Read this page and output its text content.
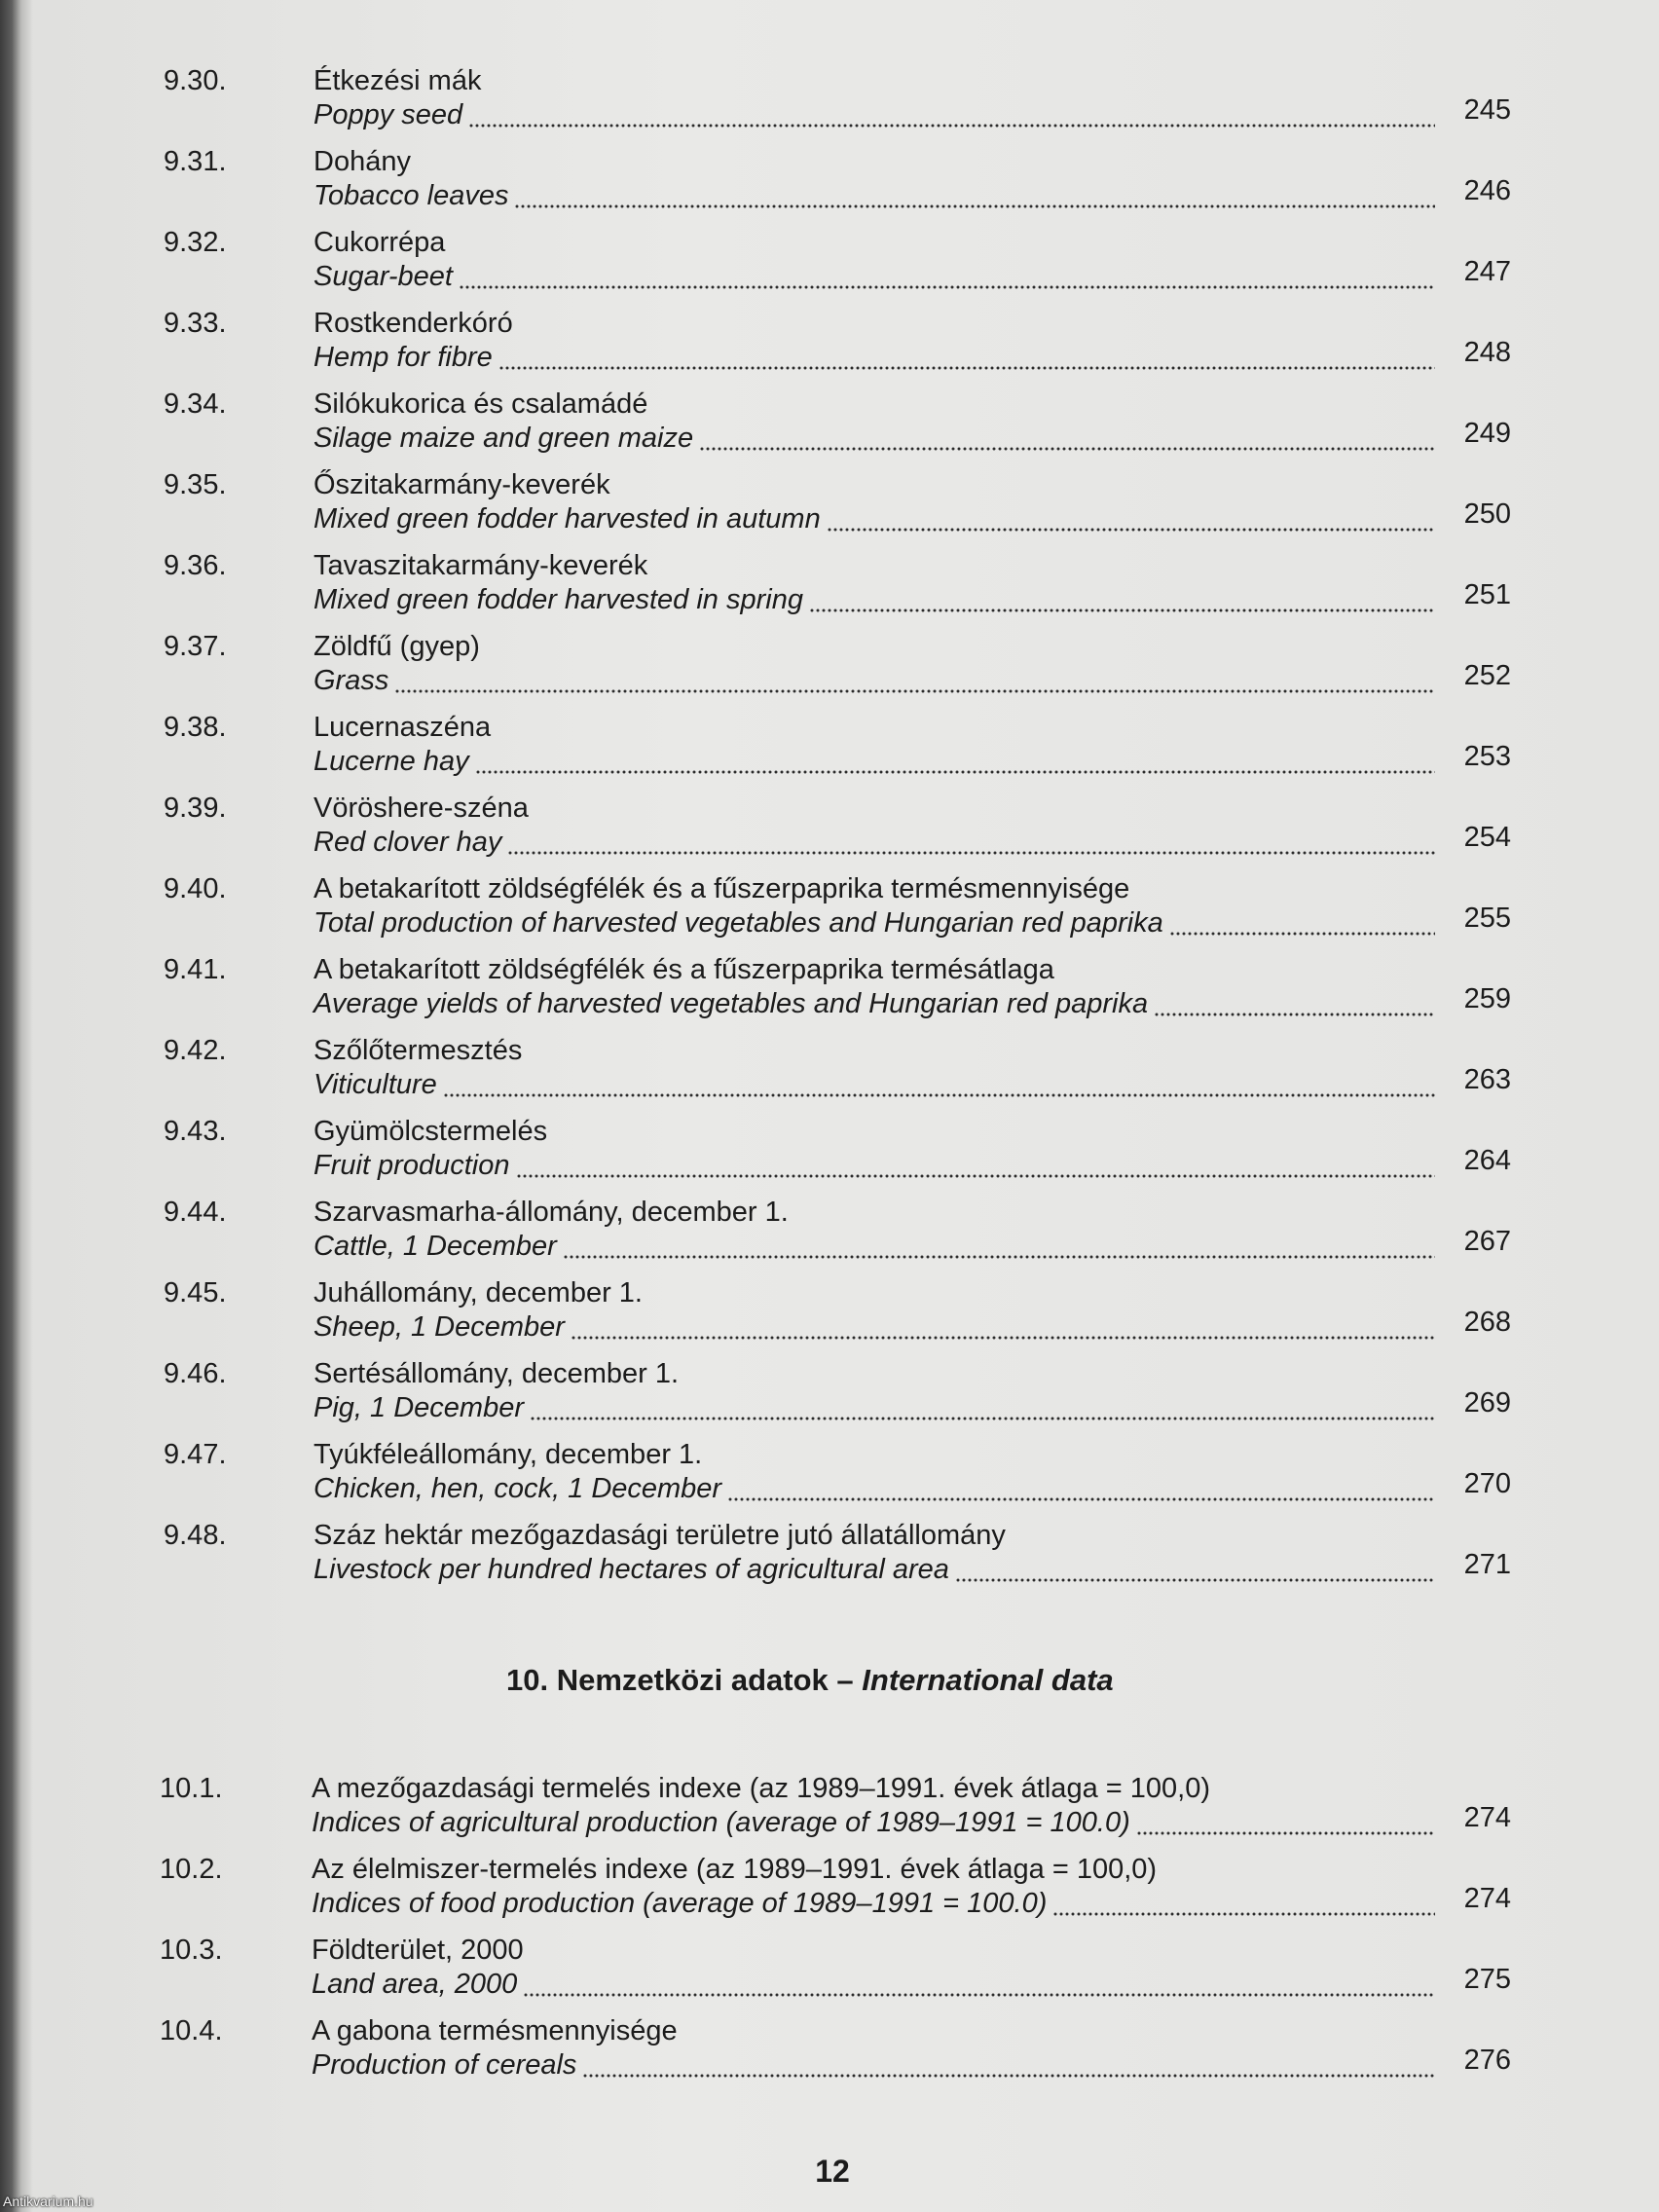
9.30.	Étkezési mák
Poppy seed	245
9.31.	Dohány
Tobacco leaves	246
9.32.	Cukorrépa
Sugar-beet	247
9.33.	Rostkenderkóró
Hemp for fibre	248
9.34.	Silókukorica és csalamádé
Silage maize and green maize	249
9.35.	Őszitakarmány-keverék
Mixed green fodder harvested in autumn	250
9.36.	Tavaszitakarmány-keverék
Mixed green fodder harvested in spring	251
9.37.	Zöldfű (gyep)
Grass	252
9.38.	Lucernaszéna
Lucerne hay	253
9.39.	Vöröshere-széna
Red clover hay	254
9.40.	A betakarított zöldségfélék és a fűszerpaprika termésmennyisége
Total production of harvested vegetables and Hungarian red paprika	255
9.41.	A betakarított zöldségfélék és a fűszerpaprika termésátlaga
Average yields of harvested vegetables and Hungarian red paprika	259
9.42.	Szőlőtermesztés
Viticulture	263
9.43.	Gyümölcstermelés
Fruit production	264
9.44.	Szarvasmarha-állomány, december 1.
Cattle, 1 December	267
9.45.	Juhállomány, december 1.
Sheep, 1 December	268
9.46.	Sertésállomány, december 1.
Pig, 1 December	269
9.47.	Tyúkféleállomány, december 1.
Chicken, hen, cock, 1 December	270
9.48.	Száz hektár mezőgazdasági területre jutó állatállomány
Livestock per hundred hectares of agricultural area	271
10. Nemzetközi adatok – International data
10.1.	A mezőgazdasági termelés indexe (az 1989–1991. évek átlaga = 100,0)
Indices of agricultural production (average of 1989–1991 = 100.0)	274
10.2.	Az élelmiszer-termelés indexe (az 1989–1991. évek átlaga = 100,0)
Indices of food production (average of 1989–1991 = 100.0)	274
10.3.	Földterület, 2000
Land area, 2000	275
10.4.	A gabona termésmennyisége
Production of cereals	276
12
Antikvarium.hu
